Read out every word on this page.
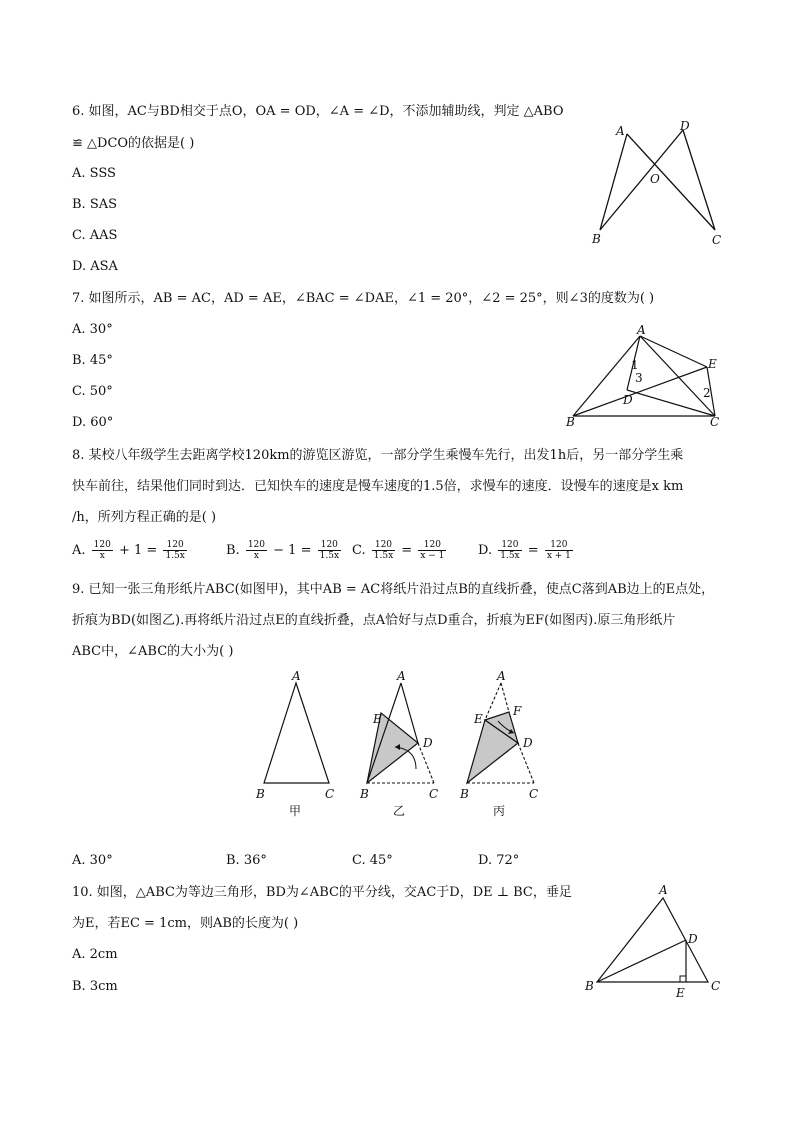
6. 如图，AC与BD相交于点O，OA = OD，∠A = ∠D，不添加辅助线，判定 △ABO
≌ △DCO的依据是( )
A. SSS
B. SAS
C. AAS
D. ASA
A	D
O
B	C
7. 如图所示，AB = AC，AD = AE，∠BAC = ∠DAE，∠1 = 20°，∠2 = 25°，则∠3的度数为( )
A. 30°
B. 45°
C. 50°
D. 60°
1
3
2
A
E
D
B	C
8. 某校八年级学生去距离学校120km的游览区游览，一部分学生乘慢车先行，出发1h后，另一部分学生乘
快车前往，结果他们同时到达．已知快车的速度是慢车速度的1.5倍，求慢车的速度．设慢车的速度是x km
/h，所列方程正确的是( )
A. $\frac{120}{x} + 1 = \frac{120}{1.5x}$	B. $\frac{120}{x} - 1 = \frac{120}{1.5x} C$. $\frac{120}{1.5x} = \frac{120}{x - 1} D$. $\frac{120}{1.5x} = \frac{120}{x + 1}$
9. 已知一张三角形纸片ABC(如图甲)，其中AB = AC将纸片沿过点B的直线折叠，使点C落到AB边上的E点处，
折痕为BD(如图乙).再将纸片沿过点E的直线折叠，点A恰好与点D重合，折痕为EF(如图丙).原三角形纸片
ABC中，∠ABC的大小为( )
A
B	C
甲
A
E
D
B	C
乙
A
E
F
D
B	C
丙
A. 30°	B. 36°	C. 45°	D. 72°
10. 如图，△ABC为等边三角形，BD为∠ABC的平分线，交AC于D，DE ⊥ BC，垂足
为E，若EC = 1cm，则AB的长度为( )
A. 2cm
B. 3cm
A
D
B	E C
